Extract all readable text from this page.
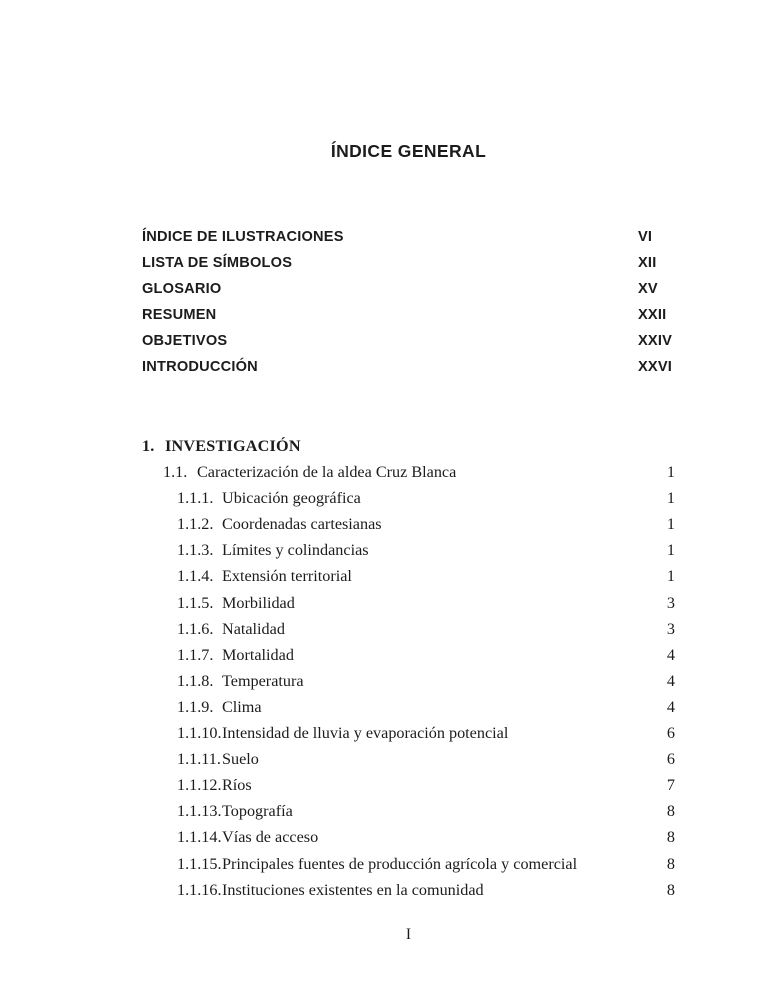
ÍNDICE GENERAL
ÍNDICE DE ILUSTRACIONES	VI
LISTA DE SÍMBOLOS	XII
GLOSARIO	XV
RESUMEN	XXII
OBJETIVOS	XXIV
INTRODUCCIÓN	XXVI
1. INVESTIGACIÓN
1.1. Caracterización de la aldea Cruz Blanca	1
1.1.1. Ubicación geográfica	1
1.1.2. Coordenadas cartesianas	1
1.1.3. Límites y colindancias	1
1.1.4. Extensión territorial	1
1.1.5. Morbilidad	3
1.1.6. Natalidad	3
1.1.7. Mortalidad	4
1.1.8. Temperatura	4
1.1.9. Clima	4
1.1.10. Intensidad de lluvia y evaporación potencial	6
1.1.11. Suelo	6
1.1.12. Ríos	7
1.1.13. Topografía	8
1.1.14. Vías de acceso	8
1.1.15. Principales fuentes de producción agrícola y comercial	8
1.1.16. Instituciones existentes en la comunidad	8
I
